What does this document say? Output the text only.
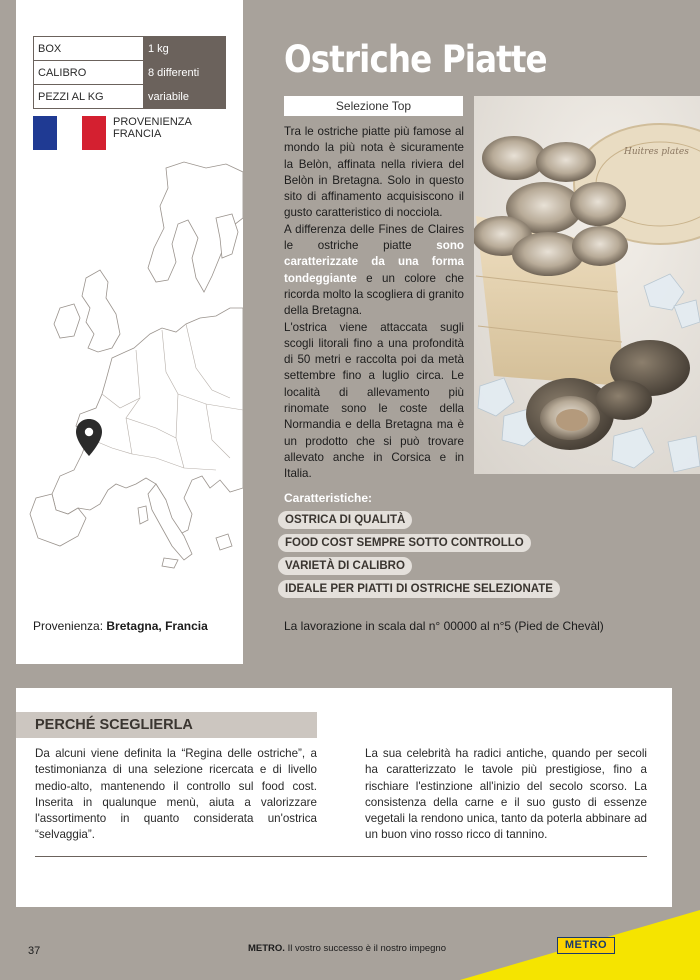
BOX	1 kg
CALIBRO	8 differenti
PEZZI AL KG	variabile
PROVENIENZA
FRANCIA
Provenienza: Bretagna, Francia
Ostriche Piatte
Selezione Top

Tra le ostriche piatte più famose al mondo la più nota è sicuramente la Belòn, affinata nella riviera del Belòn in Bretagna. Solo in questo sito di affinamento acquisiscono il gusto caratteristico di nocciola.

A differenza delle Fines de Claires le ostriche piatte sono caratterizzate da una forma tondeggiante e un colore che ricorda molto la scogliera di granito della Bretagna.

L'ostrica viene attaccata sugli scogli litorali fino a una profondità di 50 metri e raccolta poi da metà settembre fino a luglio circa. Le località di allevamento più rinomate sono le coste della Normandia e della Bretagna ma è un prodotto che si può trovare allevato anche in Corsica e in Italia.

Huitres plates
Caratteristiche:
OSTRICA DI QUALITÀ
FOOD COST SEMPRE SOTTO CONTROLLO
VARIETÀ DI CALIBRO
IDEALE PER PIATTI DI OSTRICHE SELEZIONATE
La lavorazione in scala dal n° 00000 al n°5 (Pied de Chevàl)
PERCHÉ SCEGLIERLA
Da alcuni viene definita la “Regina delle ostriche”, a testimonianza di una selezione ricercata e di livello medio-alto, mantenendo il controllo sul food cost. Inserita in qualunque menù, aiuta a valorizzare l'assortimento in quanto considerata un'ostrica “selvaggia”.
La sua celebrità ha radici antiche, quando per secoli ha caratterizzato le tavole più prestigiose, fino a rischiare l'estinzione all'inizio del secolo scorso. La consistenza della carne e il suo gusto di essenze vegetali la rendono unica, tanto da poterla abbinare ad un buon vino rosso ricco di tannino.
37	METRO. Il vostro successo è il nostro impegno	METRO
